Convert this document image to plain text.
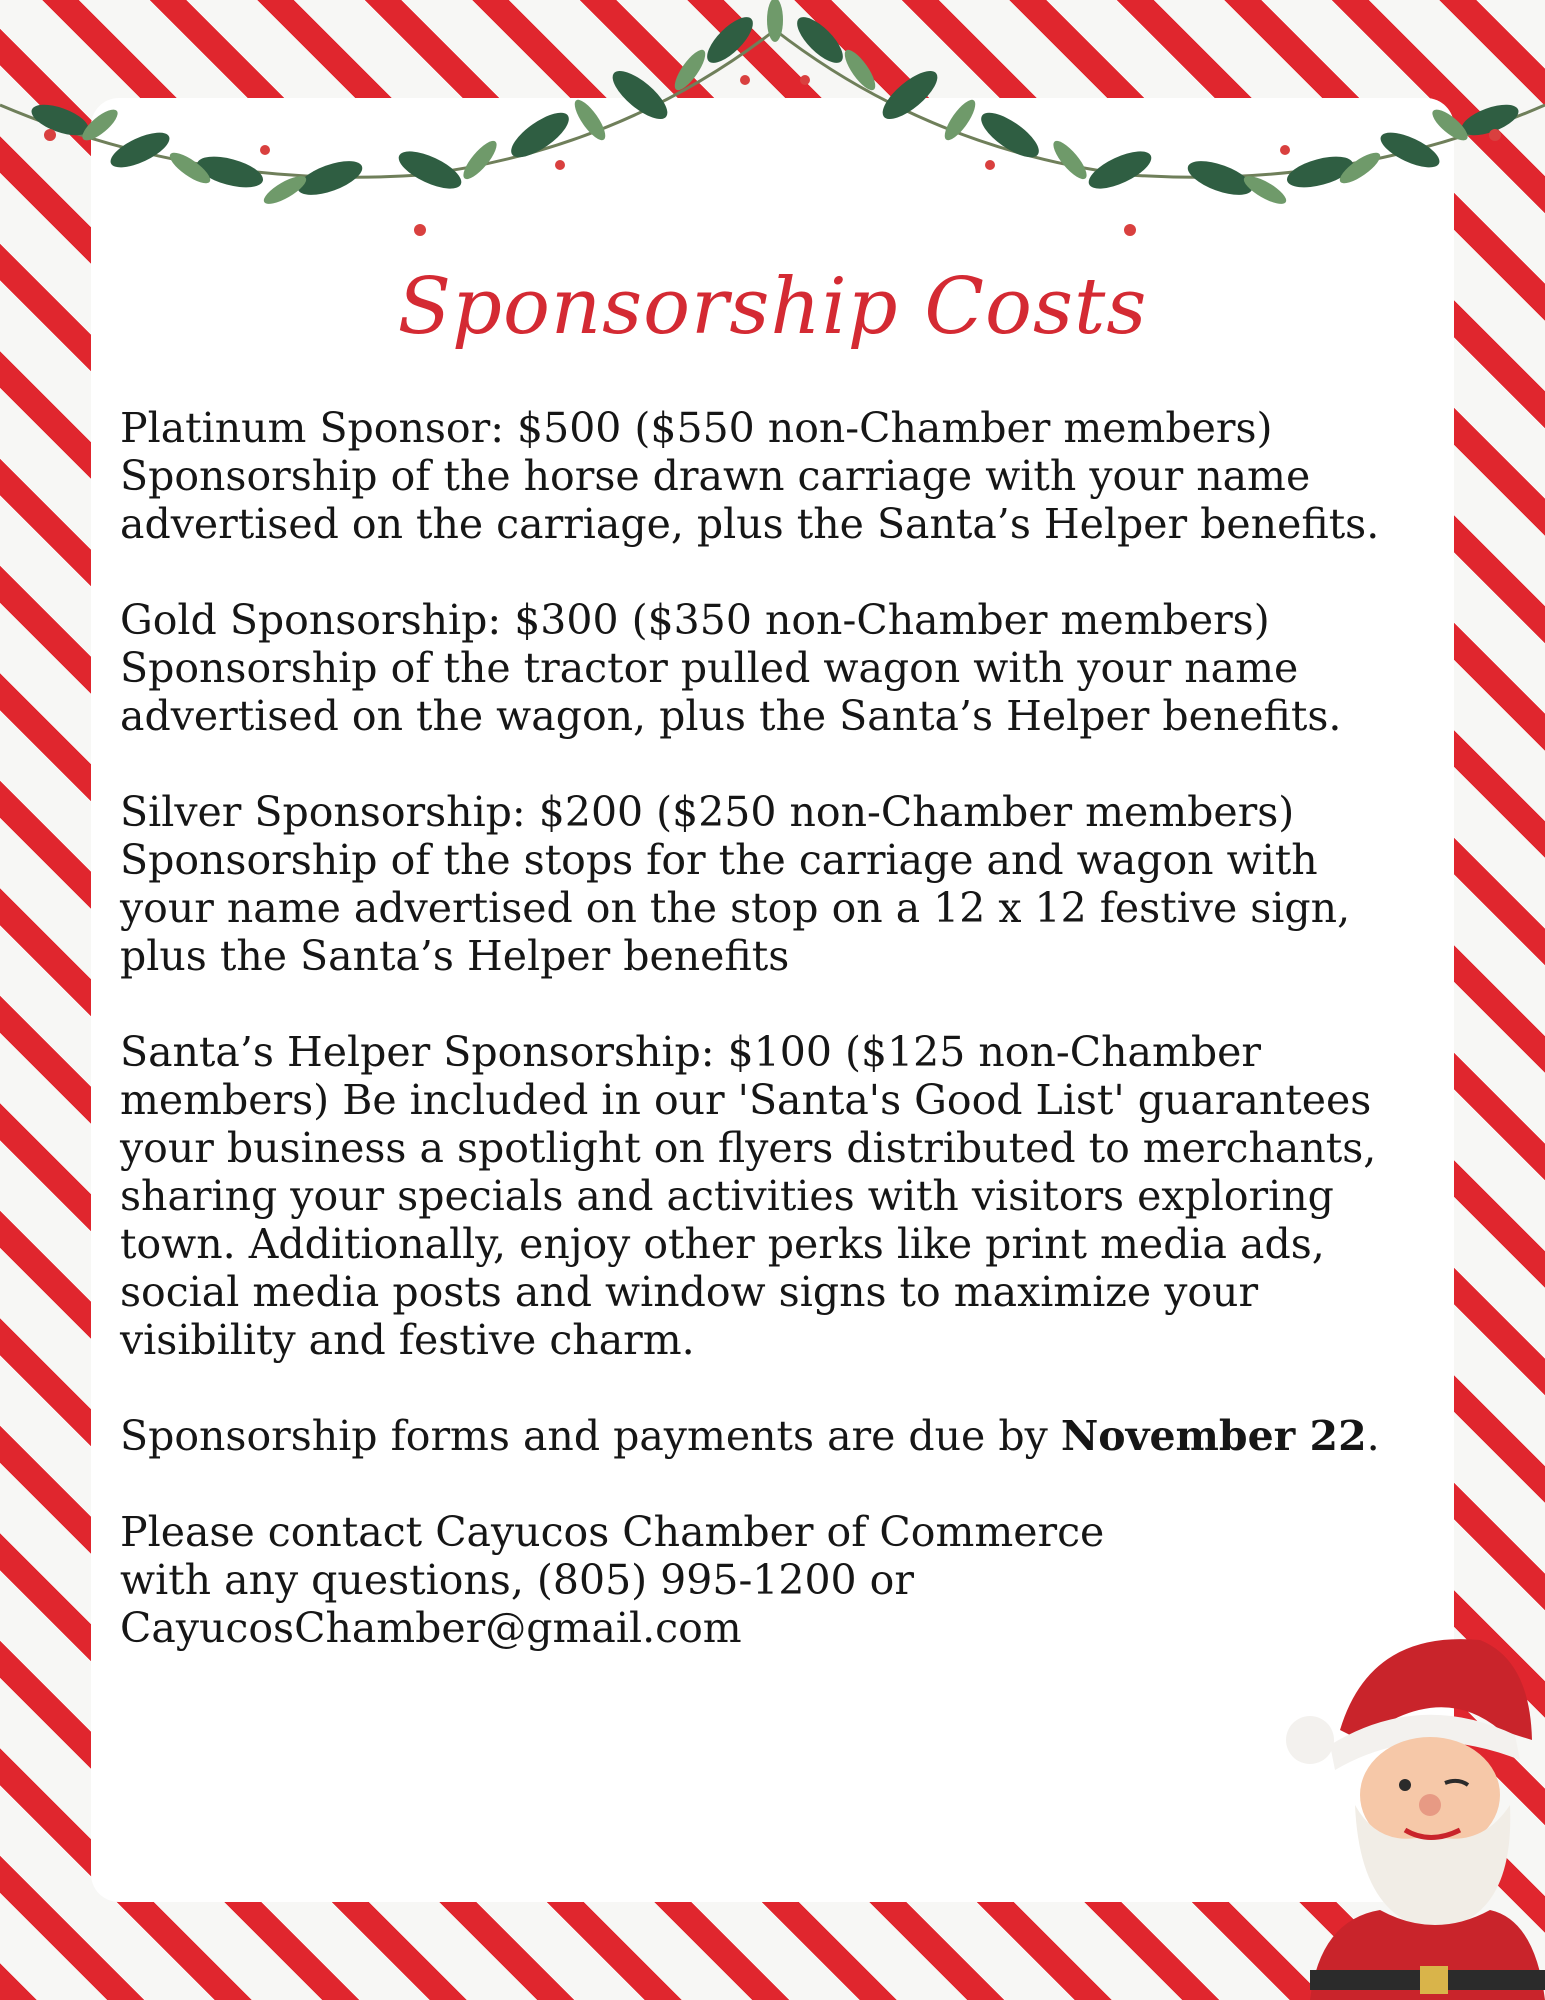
Sponsorship Costs

Platinum Sponsor: $500 ($550 non-Chamber members)

Sponsorship of the horse drawn carriage with your name

advertised on the carriage, plus the Santa’s Helper benefits.

Gold Sponsorship: $300 ($350 non-Chamber members)

Sponsorship of the tractor pulled wagon with your name

advertised on the wagon, plus the Santa’s Helper benefits.

Silver Sponsorship: $200 ($250 non-Chamber members)

Sponsorship of the stops for the carriage and wagon with

your name advertised on the stop on a 12 x 12 festive sign,

plus the Santa’s Helper benefits

Santa’s Helper Sponsorship: $100 ($125 non-Chamber

members) Be included in our 'Santa's Good List' guarantees

your business a spotlight on flyers distributed to merchants,

sharing your specials and activities with visitors exploring

town. Additionally, enjoy other perks like print media ads,

social media posts and window signs to maximize your

visibility and festive charm.

Sponsorship forms and payments are due by November 22.

Please contact Cayucos Chamber of Commerce

with any questions, (805) 995-1200 or

CayucosChamber@gmail.com
